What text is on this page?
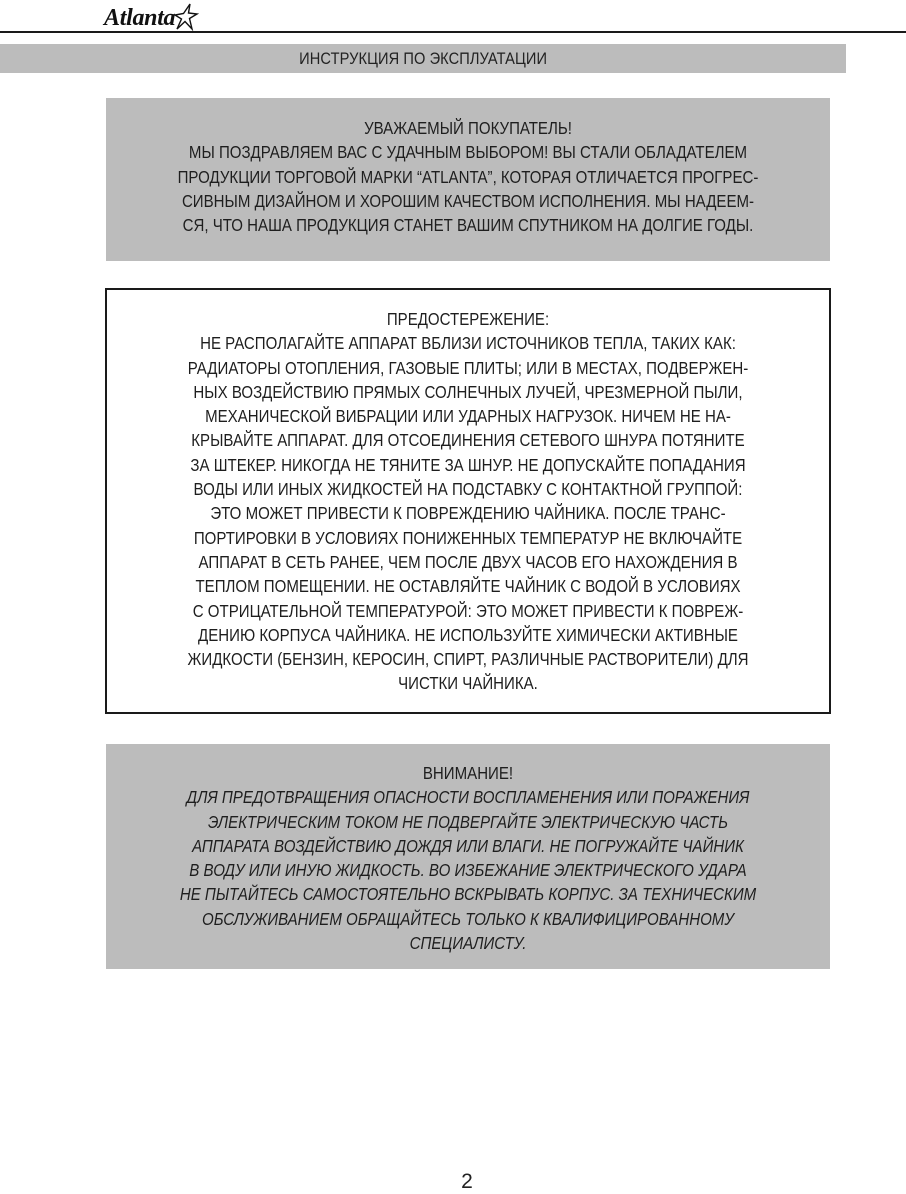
Atlanta
ИНСТРУКЦИЯ ПО ЭКСПЛУАТАЦИИ
УВАЖАЕМЫЙ ПОКУПАТЕЛЬ!
МЫ ПОЗДРАВЛЯЕМ ВАС С УДАЧНЫМ ВЫБОРОМ! ВЫ СТАЛИ ОБЛАДАТЕЛЕМ
ПРОДУКЦИИ ТОРГОВОЙ МАРКИ “ATLANTA”, КОТОРАЯ ОТЛИЧАЕТСЯ ПРОГРЕС-
СИВНЫМ ДИЗАЙНОМ И ХОРОШИМ КАЧЕСТВОМ ИСПОЛНЕНИЯ. МЫ НАДЕЕМ-
СЯ, ЧТО НАША ПРОДУКЦИЯ СТАНЕТ ВАШИМ СПУТНИКОМ НА ДОЛГИЕ ГОДЫ.
ПРЕДОСТЕРЕЖЕНИЕ:
НЕ РАСПОЛАГАЙТЕ АППАРАТ ВБЛИЗИ ИСТОЧНИКОВ ТЕПЛА, ТАКИХ КАК:
РАДИАТОРЫ ОТОПЛЕНИЯ, ГАЗОВЫЕ ПЛИТЫ; ИЛИ В МЕСТАХ, ПОДВЕРЖЕН-
НЫХ ВОЗДЕЙСТВИЮ ПРЯМЫХ СОЛНЕЧНЫХ ЛУЧЕЙ, ЧРЕЗМЕРНОЙ ПЫЛИ,
МЕХАНИЧЕСКОЙ ВИБРАЦИИ ИЛИ УДАРНЫХ НАГРУЗОК. НИЧЕМ НЕ НА-
КРЫВАЙТЕ АППАРАТ. ДЛЯ ОТСОЕДИНЕНИЯ СЕТЕВОГО ШНУРА ПОТЯНИТЕ
ЗА ШТЕКЕР. НИКОГДА НЕ ТЯНИТЕ ЗА ШНУР. НЕ ДОПУСКАЙТЕ ПОПАДАНИЯ
ВОДЫ ИЛИ ИНЫХ ЖИДКОСТЕЙ НА ПОДСТАВКУ С КОНТАКТНОЙ ГРУППОЙ:
ЭТО МОЖЕТ ПРИВЕСТИ К ПОВРЕЖДЕНИЮ ЧАЙНИКА. ПОСЛЕ ТРАНС-
ПОРТИРОВКИ В УСЛОВИЯХ ПОНИЖЕННЫХ ТЕМПЕРАТУР НЕ ВКЛЮЧАЙТЕ
АППАРАТ В СЕТЬ РАНЕЕ, ЧЕМ ПОСЛЕ ДВУХ ЧАСОВ ЕГО НАХОЖДЕНИЯ В
ТЕПЛОМ ПОМЕЩЕНИИ. НЕ ОСТАВЛЯЙТЕ ЧАЙНИК С ВОДОЙ В УСЛОВИЯХ
С ОТРИЦАТЕЛЬНОЙ ТЕМПЕРАТУРОЙ: ЭТО МОЖЕТ ПРИВЕСТИ К ПОВРЕЖ-
ДЕНИЮ КОРПУСА ЧАЙНИКА. НЕ ИСПОЛЬЗУЙТЕ ХИМИЧЕСКИ АКТИВНЫЕ
ЖИДКОСТИ (БЕНЗИН, КЕРОСИН, СПИРТ, РАЗЛИЧНЫЕ РАСТВОРИТЕЛИ) ДЛЯ
ЧИСТКИ ЧАЙНИКА.
ВНИМАНИЕ!
ДЛЯ ПРЕДОТВРАЩЕНИЯ ОПАСНОСТИ ВОСПЛАМЕНЕНИЯ ИЛИ ПОРАЖЕНИЯ
ЭЛЕКТРИЧЕСКИМ ТОКОМ НЕ ПОДВЕРГАЙТЕ ЭЛЕКТРИЧЕСКУЮ ЧАСТЬ
АППАРАТА ВОЗДЕЙСТВИЮ ДОЖДЯ ИЛИ ВЛАГИ. НЕ ПОГРУЖАЙТЕ ЧАЙНИК
В ВОДУ ИЛИ ИНУЮ ЖИДКОСТЬ. ВО ИЗБЕЖАНИЕ ЭЛЕКТРИЧЕСКОГО УДАРА
НЕ ПЫТАЙТЕСЬ САМОСТОЯТЕЛЬНО ВСКРЫВАТЬ КОРПУС. ЗА ТЕХНИЧЕСКИМ
ОБСЛУЖИВАНИЕМ ОБРАЩАЙТЕСЬ ТОЛЬКО К КВАЛИФИЦИРОВАННОМУ
СПЕЦИАЛИСТУ.
2
